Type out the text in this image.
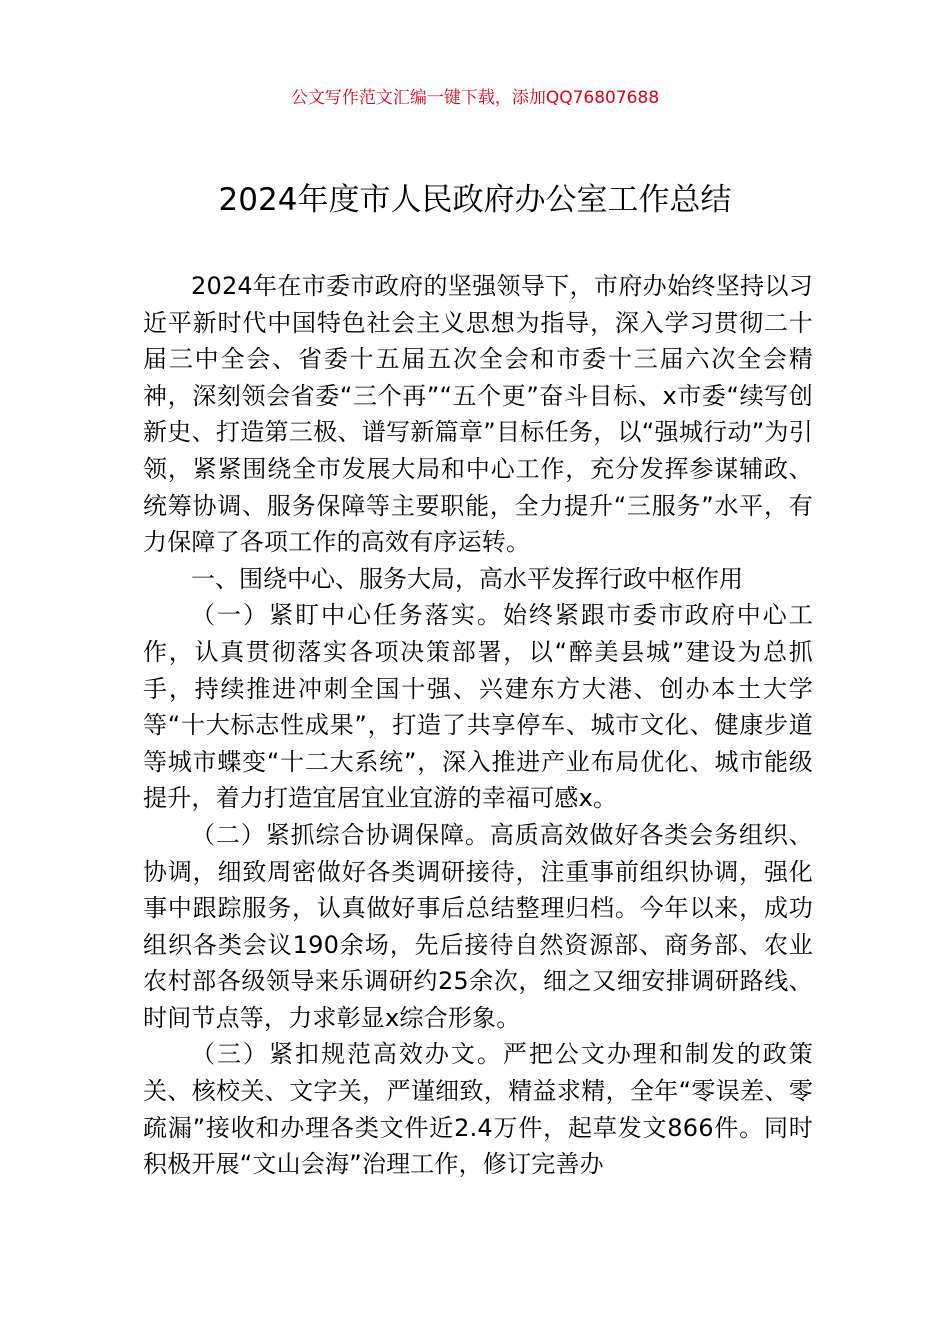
公文写作范文汇编一键下载，添加QQ76807688
2024年度市人民政府办公室工作总结

2024年在市委市政府的坚强领导下，市府办始终坚持以习近平新时代中国特色社会主义思想为指导，深入学习贯彻二十届三中全会、省委十五届五次全会和市委十三届六次全会精神，深刻领会省委“三个再”“五个更”奋斗目标、x市委“续写创新史、打造第三极、谱写新篇章”目标任务，以“强城行动”为引领，紧紧围绕全市发展大局和中心工作，充分发挥参谋辅政、统筹协调、服务保障等主要职能，全力提升“三服务”水平，有力保障了各项工作的高效有序运转。

一、围绕中心、服务大局，高水平发挥行政中枢作用

（一）紧盯中心任务落实。始终紧跟市委市政府中心工作，认真贯彻落实各项决策部署，以“醉美县城”建设为总抓手，持续推进冲刺全国十强、兴建东方大港、创办本土大学等“十大标志性成果”，打造了共享停车、城市文化、健康步道等城市蝶变“十二大系统”，深入推进产业布局优化、城市能级提升，着力打造宜居宜业宜游的幸福可感x。

（二）紧抓综合协调保障。高质高效做好各类会务组织、协调，细致周密做好各类调研接待，注重事前组织协调，强化事中跟踪服务，认真做好事后总结整理归档。今年以来，成功组织各类会议190余场，先后接待自然资源部、商务部、农业农村部各级领导来乐调研约25余次，细之又细安排调研路线、时间节点等，力求彰显x综合形象。

（三）紧扣规范高效办文。严把公文办理和制发的政策关、核校关、文字关，严谨细致，精益求精，全年“零误差、零疏漏”接收和办理各类文件近2.4万件，起草发文866件。同时积极开展“文山会海”治理工作，修订完善办
